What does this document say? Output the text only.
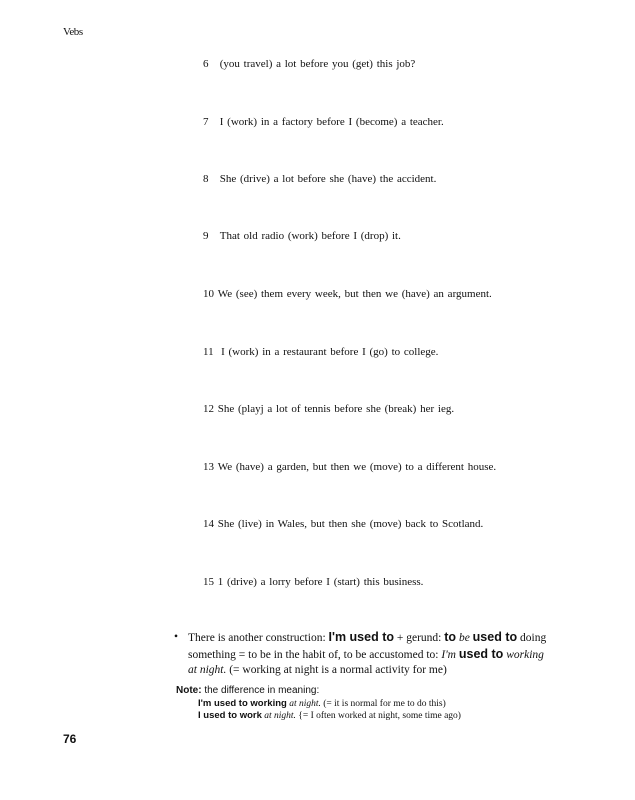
Vebs
6 (you travel) a lot before you (get) this job?
7 I (work) in a factory before I (become) a teacher.
8 She (drive) a lot before she (have) the accident.
9 That old radio (work) before I (drop) it.
10 We (see) them every week, but then we (have) an argument.
11 I (work) in a restaurant before I (go) to college.
12 She (playj a lot of tennis before she (break) her ieg.
13 We (have) a garden, but then we (move) to a different house.
14 She (live) in Wales, but then she (move) back to Scotland.
15 1 (drive) a lorry before I (start) this business.
• There is another construction: I'm used to + gerund: to be used to doing
something = to be in the habit of, to be accustomed to: I'm used to working
at night. (= working at night is a normal activity for me)
Note: the difference in meaning:
I'm used to working at night. (= it is normal for me to do this)
I used to work at night. {= I often worked at night, some time ago)
76
